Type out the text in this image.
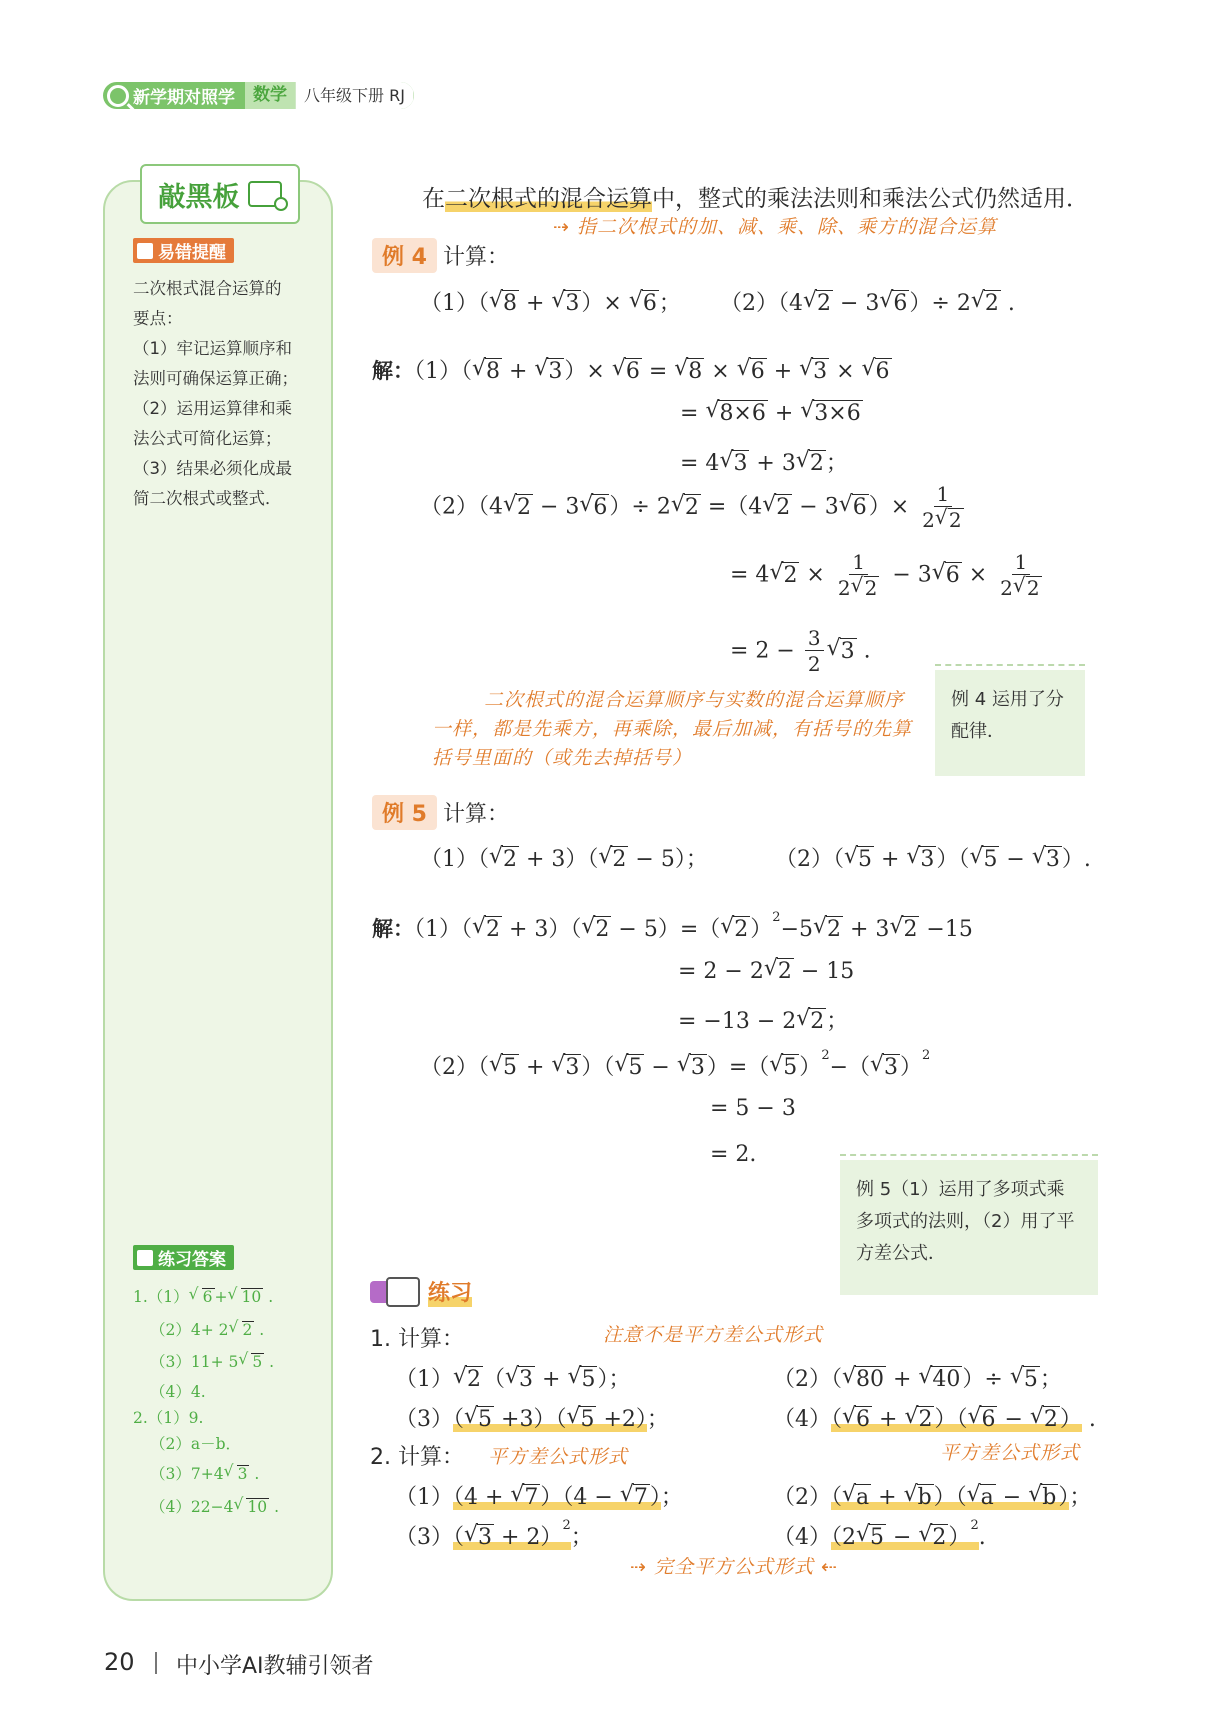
新学期对照学	数学	八年级下册 RJ
敲黑板
易错提醒
二次根式混合运算的
要点：
（1）牢记运算顺序和
法则可确保运算正确；
（2）运用运算律和乘
法公式可简化运算；
（3）结果必须化成最
简二次根式或整式．
练习答案
1.（1）√ 6 +√ 10 .
（2）4+ 2√ 2 .
（3）11+ 5√ 5 .
（4）4.
2.（1）9.
（2）a－b．
（3）7+4√ 3 .
（4）22−4√ 10 .
在二次根式的混合运算中，整式的乘法法则和乘法公式仍然适用．
⇢ 指二次根式的加、减、乘、除、乘方的混合运算
例 4 计算：
（1）（√ 8 + √ 3）× √ 6； （2）（4√ 2 − 3√ 6）÷ 2√ 2 .
解：（1）（√ 8 + √ 3）× √ 6 = √ 8 × √ 6 + √ 3 × √ 6
= √ 8×6 + √ 3×6
= 4√ 3 + 3√ 2；
（2）（4√ 2 − 3√ 6）÷ 2√ 2 =（4√ 2 − 3√ $6)\times \frac{1}{2√ 2}$
= 4√ $2 \times \frac{1}{2√ 2} - 3√$ $6 \times \frac{1}{2√ 2}$
= $2 - \frac{3}{2}$
√ 3 .
二次根式的混合运算顺序与实数的混合运算顺序一样，都是先乘方，再乘除，最后加减，有括号的先算括号里面的（或先去掉括号）
例 4 运用了分配律．
例 5 计算：
（1）（√ 2 + 3）（√ 2 − 5）；	（2）（√ 5 + √ 3）（√ 5 − √ 3）.
解：（1）（√ 2 + 3）（√ 2 − 5）=（√ 2）$^2$−5√ 2 + 3√ 2 −15
= 2 − 2√ 2 − 15
= −13 − 2√ 2；
（2）（√ 5 + √ 3）（√ 5 − √ 3）=（√ 5）$^2$−（√ 3）$^2$
= 5 − 3
= 2.
例 5（1）运用了多项式乘多项式的法则，（2）用了平方差公式．
练习
1. 计算：	注意不是平方差公式形式
（1）√ 2（√ 3 + √ 5）；	（2）（√ 80 + √ 40）÷ √ 5；
（3）（√ 5 +3）（√ 5 +2）；	（4）（√ 6 + √ 2）（√ 6 − √ 2） .
2. 计算： 平方差公式形式	平方差公式形式
（1）（4 + √ 7）（4 − √ 7）；	（2）（√ a + √ b）（√ a − √ b）；
（3）（√ 3 + 2）$^2$；	（4）（2√ 5 − √ 2）$^2$.
⇢ 完全平方公式形式 ⇠
20 中小学AI教辅引领者
